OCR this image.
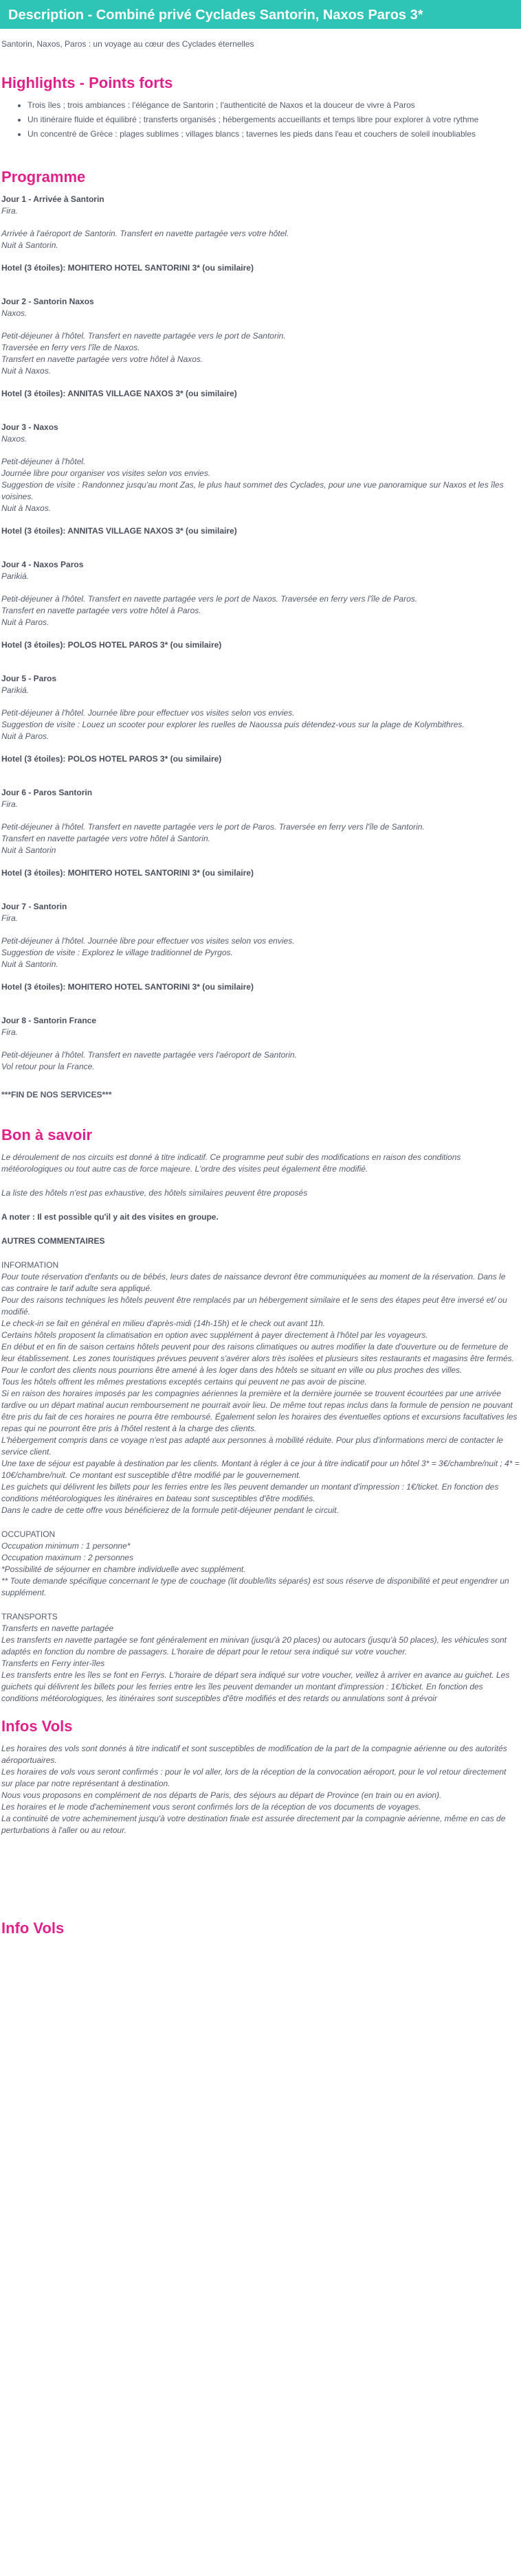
Description - Combiné privé Cyclades Santorin, Naxos Paros 3*

Santorin, Naxos, Paros : un voyage au cœur des Cyclades éternelles

Highlights - Points forts
• Trois îles ; trois ambiances : l'élégance de Santorin ; l'authenticité de Naxos et la douceur de vivre à Paros
• Un itinéraire fluide et équilibré ; transferts organisés ; hébergements accueillants et temps libre pour explorer à votre rythme
• Un concentré de Grèce : plages sublimes ; villages blancs ; tavernes les pieds dans l'eau et couchers de soleil inoubliables
Programme

Jour 1 - Arrivée à Santorin

Fira.

Arrivée à l'aéroport de Santorin. Transfert en navette partagée vers votre hôtel.
Nuit à Santorin.

Hotel (3 étoiles): MOHITERO HOTEL SANTORINI 3* (ou similaire)

Jour 2 - Santorin Naxos

Naxos.

Petit-déjeuner à l'hôtel. Transfert en navette partagée vers le port de Santorin.
Traversée en ferry vers l'île de Naxos.
Transfert en navette partagée vers votre hôtel à Naxos.
Nuit à Naxos.

Hotel (3 étoiles): ANNITAS VILLAGE NAXOS 3* (ou similaire)

Jour 3 - Naxos

Naxos.

Petit-déjeuner à l'hôtel.
Journée libre pour organiser vos visites selon vos envies.
Suggestion de visite : Randonnez jusqu'au mont Zas, le plus haut sommet des Cyclades, pour une vue panoramique sur Naxos et les îles voisines.
Nuit à Naxos.

Hotel (3 étoiles): ANNITAS VILLAGE NAXOS 3* (ou similaire)

Jour 4 - Naxos Paros

Parikiá.

Petit-déjeuner à l'hôtel. Transfert en navette partagée vers le port de Naxos. Traversée en ferry vers l'île de Paros.
Transfert en navette partagée vers votre hôtel à Paros.
Nuit à Paros.

Hotel (3 étoiles): POLOS HOTEL PAROS 3* (ou similaire)

Jour 5 - Paros

Parikiá.

Petit-déjeuner à l'hôtel. Journée libre pour effectuer vos visites selon vos envies.
Suggestion de visite : Louez un scooter pour explorer les ruelles de Naoussa puis détendez-vous sur la plage de Kolymbithres.
Nuit à Paros.

Hotel (3 étoiles): POLOS HOTEL PAROS 3* (ou similaire)

Jour 6 - Paros Santorin

Fira.

Petit-déjeuner à l'hôtel. Transfert en navette partagée vers le port de Paros. Traversée en ferry vers l'île de Santorin.
Transfert en navette partagée vers votre hôtel à Santorin.
Nuit à Santorin

Hotel (3 étoiles): MOHITERO HOTEL SANTORINI 3* (ou similaire)

Jour 7 - Santorin

Fira.

Petit-déjeuner à l'hôtel. Journée libre pour effectuer vos visites selon vos envies.
Suggestion de visite : Explorez le village traditionnel de Pyrgos.
Nuit à Santorin.

Hotel (3 étoiles): MOHITERO HOTEL SANTORINI 3* (ou similaire)

Jour 8 - Santorin France

Fira.

Petit-déjeuner à l'hôtel. Transfert en navette partagée vers l'aéroport de Santorin.
Vol retour pour la France.

***FIN DE NOS SERVICES***

Bon à savoir

Le déroulement de nos circuits est donné à titre indicatif. Ce programme peut subir des modifications en raison des conditions météorologiques ou tout autre cas de force majeure. L'ordre des visites peut également être modifié.

La liste des hôtels n'est pas exhaustive, des hôtels similaires peuvent être proposés

A noter : Il est possible qu'il y ait des visites en groupe.

AUTRES COMMENTAIRES

INFORMATION

Pour toute réservation d'enfants ou de bébés, leurs dates de naissance devront être communiquées au moment de la réservation. Dans le cas contraire le tarif adulte sera appliqué.
Pour des raisons techniques les hôtels peuvent être remplacés par un hébergement similaire et le sens des étapes peut être inversé et/ ou modifié.
Le check-in se fait en général en milieu d'après-midi (14h-15h) et le check out avant 11h.
Certains hôtels proposent la climatisation en option avec supplément à payer directement à l'hôtel par les voyageurs.
En début et en fin de saison certains hôtels peuvent pour des raisons climatiques ou autres modifier la date d'ouverture ou de fermeture de leur établissement. Les zones touristiques prévues peuvent s'avérer alors très isolées et plusieurs sites restaurants et magasins être fermés. Pour le confort des clients nous pourrions être amené à les loger dans des hôtels se situant en ville ou plus proches des villes.
Tous les hôtels offrent les mêmes prestations exceptés certains qui peuvent ne pas avoir de piscine.
Si en raison des horaires imposés par les compagnies aériennes la première et la dernière journée se trouvent écourtées par une arrivée tardive ou un départ matinal aucun remboursement ne pourrait avoir lieu. De même tout repas inclus dans la formule de pension ne pouvant être pris du fait de ces horaires ne pourra être remboursé. Également selon les horaires des éventuelles options et excursions facultatives les repas qui ne pourront être pris à l'hôtel restent à la charge des clients.
L'hébergement compris dans ce voyage n'est pas adapté aux personnes à mobilité réduite. Pour plus d'informations merci de contacter le service client.
Une taxe de séjour est payable à destination par les clients. Montant à régler à ce jour à titre indicatif pour un hôtel 3* = 3€/chambre/nuit ; 4* = 10€/chambre/nuit. Ce montant est susceptible d'être modifié par le gouvernement.
Les guichets qui délivrent les billets pour les ferries entre les îles peuvent demander un montant d'impression : 1€/ticket. En fonction des conditions météorologiques les itinéraires en bateau sont susceptibles d'être modifiés.
Dans le cadre de cette offre vous bénéficierez de la formule petit-déjeuner pendant le circuit.

OCCUPATION

Occupation minimum : 1 personne*
Occupation maximum : 2 personnes
*Possibilité de séjourner en chambre individuelle avec supplément.
** Toute demande spécifique concernant le type de couchage (lit double/lits séparés) est sous réserve de disponibilité et peut engendrer un supplément.

TRANSPORTS

Transferts en navette partagée
Les transferts en navette partagée se font généralement en minivan (jusqu'à 20 places) ou autocars (jusqu'à 50 places), les véhicules sont adaptés en fonction du nombre de passagers. L'horaire de départ pour le retour sera indiqué sur votre voucher.
Transferts en Ferry inter-îles
Les transferts entre les îles se font en Ferrys. L'horaire de départ sera indiqué sur votre voucher, veillez à arriver en avance au guichet. Les guichets qui délivrent les billets pour les ferries entre les îles peuvent demander un montant d'impression : 1€/ticket. En fonction des conditions météorologiques, les itinéraires sont susceptibles d'être modifiés et des retards ou annulations sont à prévoir
Infos Vols
Les horaires des vols sont donnés à titre indicatif et sont susceptibles de modification de la part de la compagnie aérienne ou des autorités aéroportuaires.
Les horaires de vols vous seront confirmés : pour le vol aller, lors de la réception de la convocation aéroport, pour le vol retour directement sur place par notre représentant à destination.
Nous vous proposons en complément de nos départs de Paris, des séjours au départ de Province (en train ou en avion).
Les horaires et le mode d'acheminement vous seront confirmés lors de la réception de vos documents de voyages.
La continuité de votre acheminement jusqu'à votre destination finale est assurée directement par la compagnie aérienne, même en cas de perturbations à l'aller ou au retour.
Info Vols
